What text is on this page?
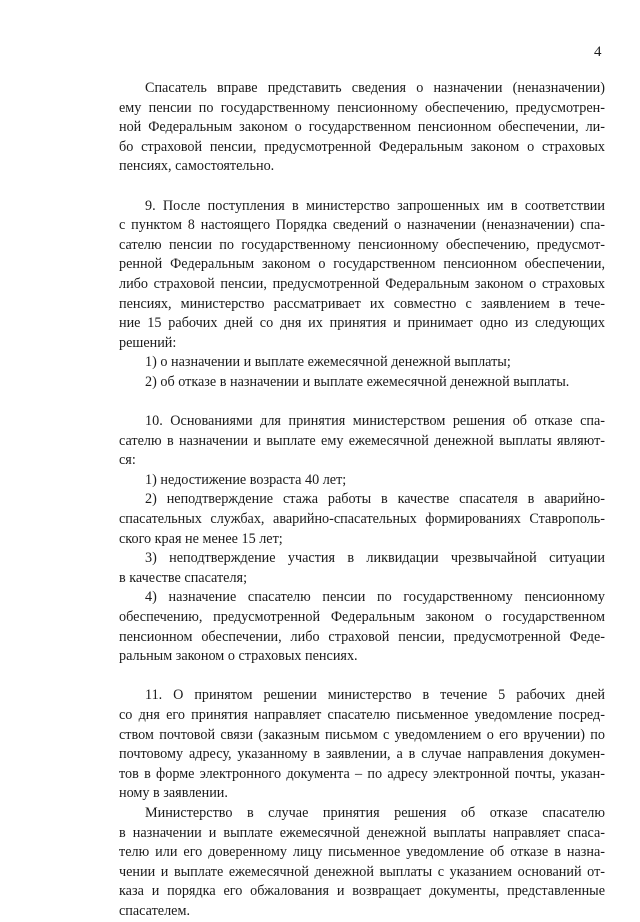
4

Спасатель вправе представить сведения о назначении (неназначении)
ему пенсии по государственному пенсионному обеспечению, предусмотрен-
ной Федеральным законом о государственном пенсионном обеспечении, ли-
бо страховой пенсии, предусмотренной Федеральным законом о страховых
пенсиях, самостоятельно.

9. После поступления в министерство запрошенных им в соответствии
с пунктом 8 настоящего Порядка сведений о назначении (неназначении) спа-
сателю пенсии по государственному пенсионному обеспечению, предусмот-
ренной Федеральным законом о государственном пенсионном обеспечении,
либо страховой пенсии, предусмотренной Федеральным законом о страховых
пенсиях, министерство рассматривает их совместно с заявлением в тече-
ние 15 рабочих дней со дня их принятия и принимает одно из следующих
решений:

1) о назначении и выплате ежемесячной денежной выплаты;

2) об отказе в назначении и выплате ежемесячной денежной выплаты.

10. Основаниями для принятия министерством решения об отказе спа-
сателю в назначении и выплате ему ежемесячной денежной выплаты являют-
ся:

1) недостижение возраста 40 лет;

2) неподтверждение стажа работы в качестве спасателя в аварийно-
спасательных службах, аварийно-спасательных формированиях Ставрополь-
ского края не менее 15 лет;

3) неподтверждение участия в ликвидации чрезвычайной ситуации
в качестве спасателя;

4) назначение спасателю пенсии по государственному пенсионному
обеспечению, предусмотренной Федеральным законом о государственном
пенсионном обеспечении, либо страховой пенсии, предусмотренной Феде-
ральным законом о страховых пенсиях.

11. О принятом решении министерство в течение 5 рабочих дней
со дня его принятия направляет спасателю письменное уведомление посред-
ством почтовой связи (заказным письмом с уведомлением о его вручении) по
почтовому адресу, указанному в заявлении, а в случае направления докумен-
тов в форме электронного документа – по адресу электронной почты, указан-
ному в заявлении.

Министерство в случае принятия решения об отказе спасателю
в назначении и выплате ежемесячной денежной выплаты направляет спаса-
телю или его доверенному лицу письменное уведомление об отказе в назна-
чении и выплате ежемесячной денежной выплаты с указанием оснований от-
каза и порядка его обжалования и возвращает документы, представленные
спасателем.
